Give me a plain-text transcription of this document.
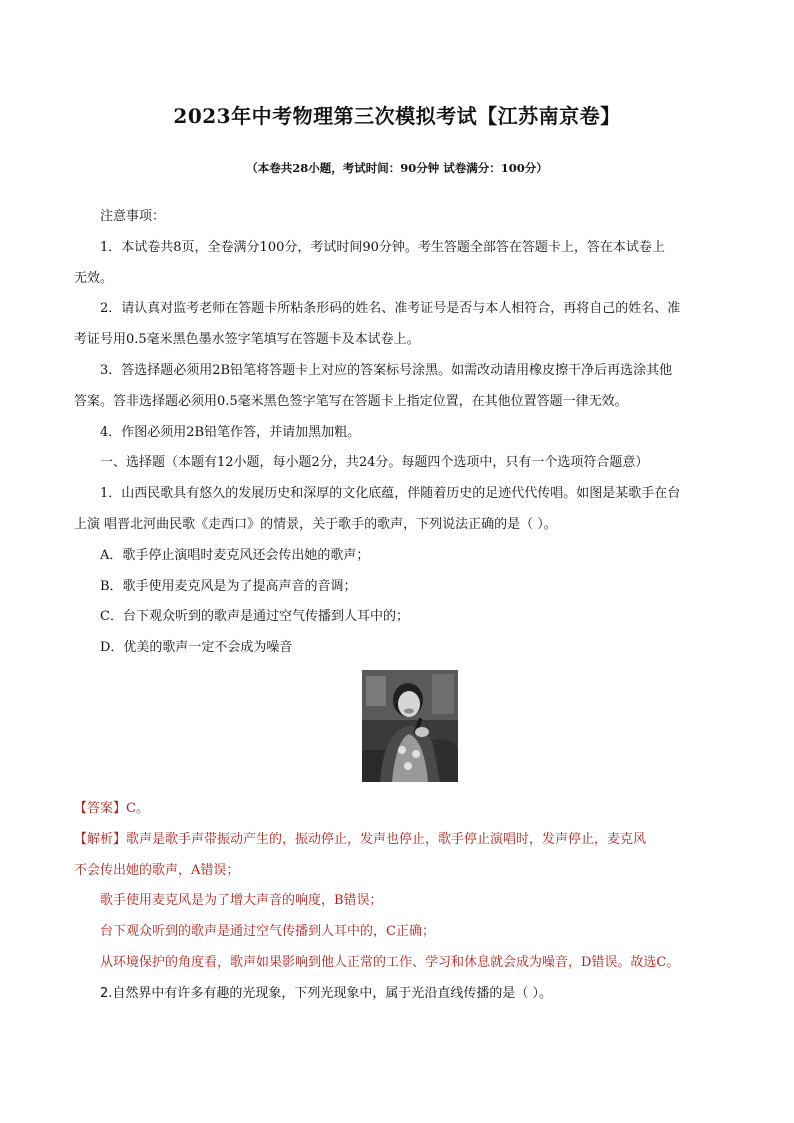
2023年中考物理第三次模拟考试【江苏南京卷】
（本卷共28小题，考试时间：90分钟 试卷满分：100分）
注意事项：
1．本试卷共8页，全卷满分100分，考试时间90分钟。考生答题全部答在答题卡上，答在本试卷上
无效。
2．请认真对监考老师在答题卡所粘条形码的姓名、准考证号是否与本人相符合，再将自己的姓名、准
考证号用0.5毫米黑色墨水签字笔填写在答题卡及本试卷上。
3．答选择题必须用2B铅笔将答题卡上对应的答案标号涂黑。如需改动请用橡皮擦干净后再选涂其他
答案。答非选择题必须用0.5毫米黑色签字笔写在答题卡上指定位置，在其他位置答题一律无效。
4．作图必须用2B铅笔作答，并请加黑加粗。
一、选择题（本题有12小题，每小题2分，共24分。每题四个选项中，只有一个选项符合题意）
1．山西民歌具有悠久的发展历史和深厚的文化底蕴，伴随着历史的足迹代代传唱。如图是某歌手在台
上演 唱晋北河曲民歌《走西口》的情景，关于歌手的歌声，下列说法正确的是（ ）。
A．歌手停止演唱时麦克风还会传出她的歌声；
B．歌手使用麦克风是为了提高声音的音调；
C．台下观众听到的歌声是通过空气传播到人耳中的；
D．优美的歌声一定不会成为噪音
【答案】C。
【解析】歌声是歌手声带振动产生的，振动停止，发声也停止，歌手停止演唱时，发声停止，麦克风
不会传出她的歌声，A错误；
歌手使用麦克风是为了增大声音的响度，B错误；
台下观众听到的歌声是通过空气传播到人耳中的，C正确；
从环境保护的角度看，歌声如果影响到他人正常的工作、学习和休息就会成为噪音，D错误。故选C。
2.自然界中有许多有趣的光现象，下列光现象中，属于光沿直线传播的是（ ）。
